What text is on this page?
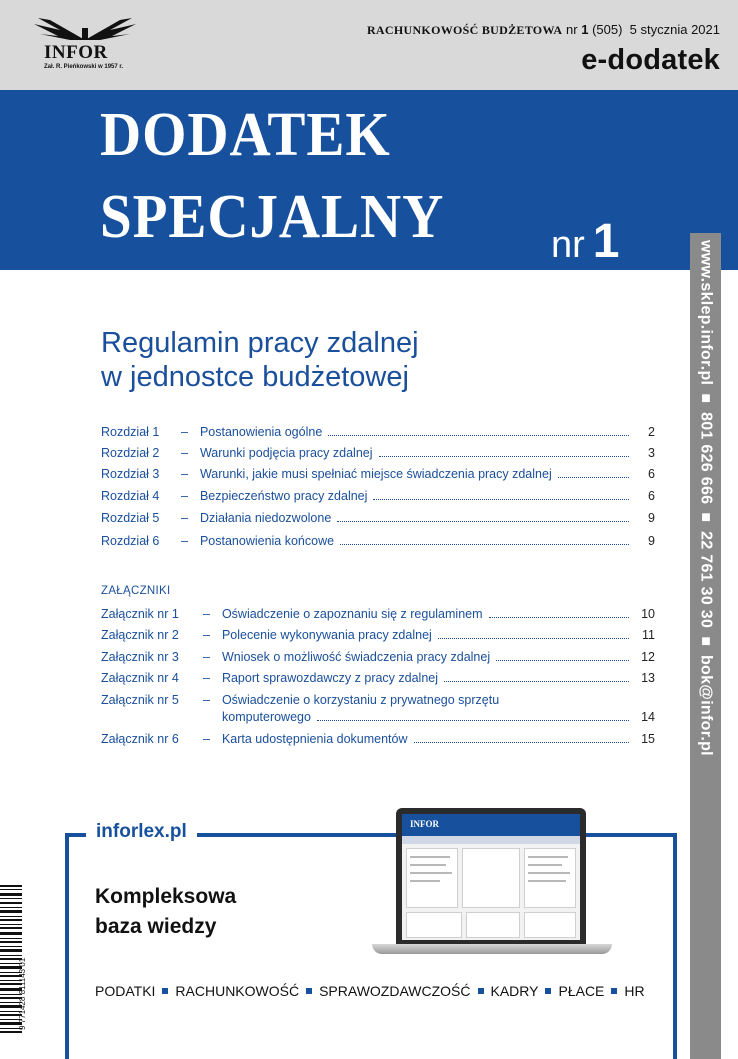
INFOR
Zał. R. Pieńkowski w 1957 r.
RACHUNKOWOŚĆ BUDŻETOWA nr 1 (505) 5 stycznia 2021
e-dodatek
DODATEK
SPECJALNY	nr 1	www.sklep.infor.pl ■ 801 626 666 ■ 22 761 30 30 ■ bok@infor.pl
Regulamin pracy zdalnej
w jednostce budżetowej
Rozdział 1 – Postanowienia ogólne	2
Rozdział 2 – Warunki podjęcia pracy zdalnej	3
Rozdział 3 – Warunki, jakie musi spełniać miejsce świadczenia pracy zdalnej	6
Rozdział 4 – Bezpieczeństwo pracy zdalnej	6
Rozdział 5 – Działania niedozwolone	9
Rozdział 6 – Postanowienia końcowe	9
ZAŁĄCZNIKI
Załącznik nr 1 – Oświadczenie o zapoznaniu się z regulaminem	10
Załącznik nr 2 – Polecenie wykonywania pracy zdalnej	11
Załącznik nr 3 – Wniosek o możliwość świadczenia pracy zdalnej	12
Załącznik nr 4 – Raport sprawozdawczy z pracy zdalnej	13
Załącznik nr 5 – Oświadczenie o korzystaniu z prywatnego sprzętu
komputerowego	14
Załącznik nr 6 – Karta udostępnienia dokumentów	15
inforlex.pl
Kompleksowa
baza wiedzy
PODATKI RACHUNKOWOŚĆ SPRAWOZDAWCZOŚĆ KADRY PŁACE HR
INFOR
9 771428 811143 01
